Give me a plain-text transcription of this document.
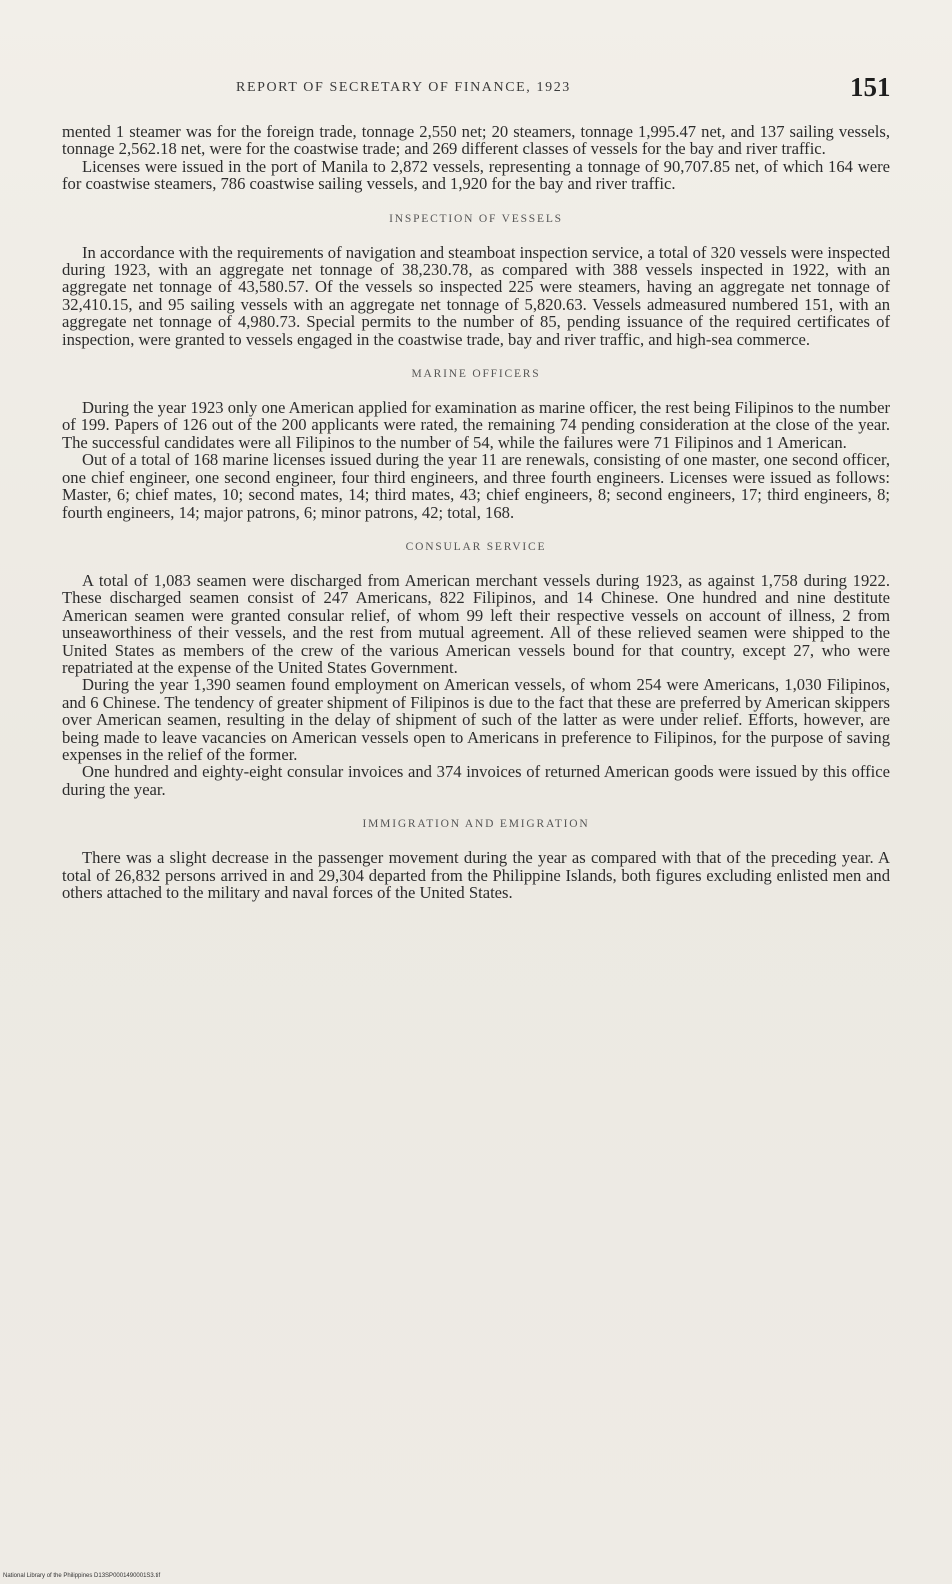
REPORT OF SECRETARY OF FINANCE, 1923	151

mented 1 steamer was for the foreign trade, tonnage 2,550 net; 20 steamers, tonnage 1,995.47 net, and 137 sailing vessels, tonnage 2,562.18 net, were for the coastwise trade; and 269 different classes of vessels for the bay and river traffic.

Licenses were issued in the port of Manila to 2,872 vessels, representing a tonnage of 90,707.85 net, of which 164 were for coastwise steamers, 786 coastwise sailing vessels, and 1,920 for the bay and river traffic.

INSPECTION OF VESSELS

In accordance with the requirements of navigation and steamboat inspection service, a total of 320 vessels were inspected during 1923, with an aggregate net tonnage of 38,230.78, as compared with 388 vessels inspected in 1922, with an aggregate net tonnage of 43,580.57. Of the vessels so inspected 225 were steamers, having an aggregate net tonnage of 32,410.15, and 95 sailing vessels with an aggregate net tonnage of 5,820.63. Vessels admeasured numbered 151, with an aggregate net tonnage of 4,980.73. Special permits to the number of 85, pending issuance of the required certificates of inspection, were granted to vessels engaged in the coastwise trade, bay and river traffic, and high-sea commerce.

MARINE OFFICERS

During the year 1923 only one American applied for examination as marine officer, the rest being Filipinos to the number of 199. Papers of 126 out of the 200 applicants were rated, the remaining 74 pending consideration at the close of the year. The successful candidates were all Filipinos to the number of 54, while the failures were 71 Filipinos and 1 American.

Out of a total of 168 marine licenses issued during the year 11 are renewals, consisting of one master, one second officer, one chief engineer, one second engineer, four third engineers, and three fourth engineers. Licenses were issued as follows: Master, 6; chief mates, 10; second mates, 14; third mates, 43; chief engineers, 8; second engineers, 17; third engineers, 8; fourth engineers, 14; major patrons, 6; minor patrons, 42; total, 168.

CONSULAR SERVICE

A total of 1,083 seamen were discharged from American merchant vessels during 1923, as against 1,758 during 1922. These discharged seamen consist of 247 Americans, 822 Filipinos, and 14 Chinese. One hundred and nine destitute American seamen were granted consular relief, of whom 99 left their respective vessels on account of illness, 2 from unseaworthiness of their vessels, and the rest from mutual agreement. All of these relieved seamen were shipped to the United States as members of the crew of the various American vessels bound for that country, except 27, who were repatriated at the expense of the United States Government.

During the year 1,390 seamen found employment on American vessels, of whom 254 were Americans, 1,030 Filipinos, and 6 Chinese. The tendency of greater shipment of Filipinos is due to the fact that these are preferred by American skippers over American seamen, resulting in the delay of shipment of such of the latter as were under relief. Efforts, however, are being made to leave vacancies on American vessels open to Americans in preference to Filipinos, for the purpose of saving expenses in the relief of the former.

One hundred and eighty-eight consular invoices and 374 invoices of returned American goods were issued by this office during the year.

IMMIGRATION AND EMIGRATION

There was a slight decrease in the passenger movement during the year as compared with that of the preceding year. A total of 26,832 persons arrived in and 29,304 departed from the Philippine Islands, both figures excluding enlisted men and others attached to the military and naval forces of the United States.

National Library of the Philippines D13SP0001490001S3.tif
